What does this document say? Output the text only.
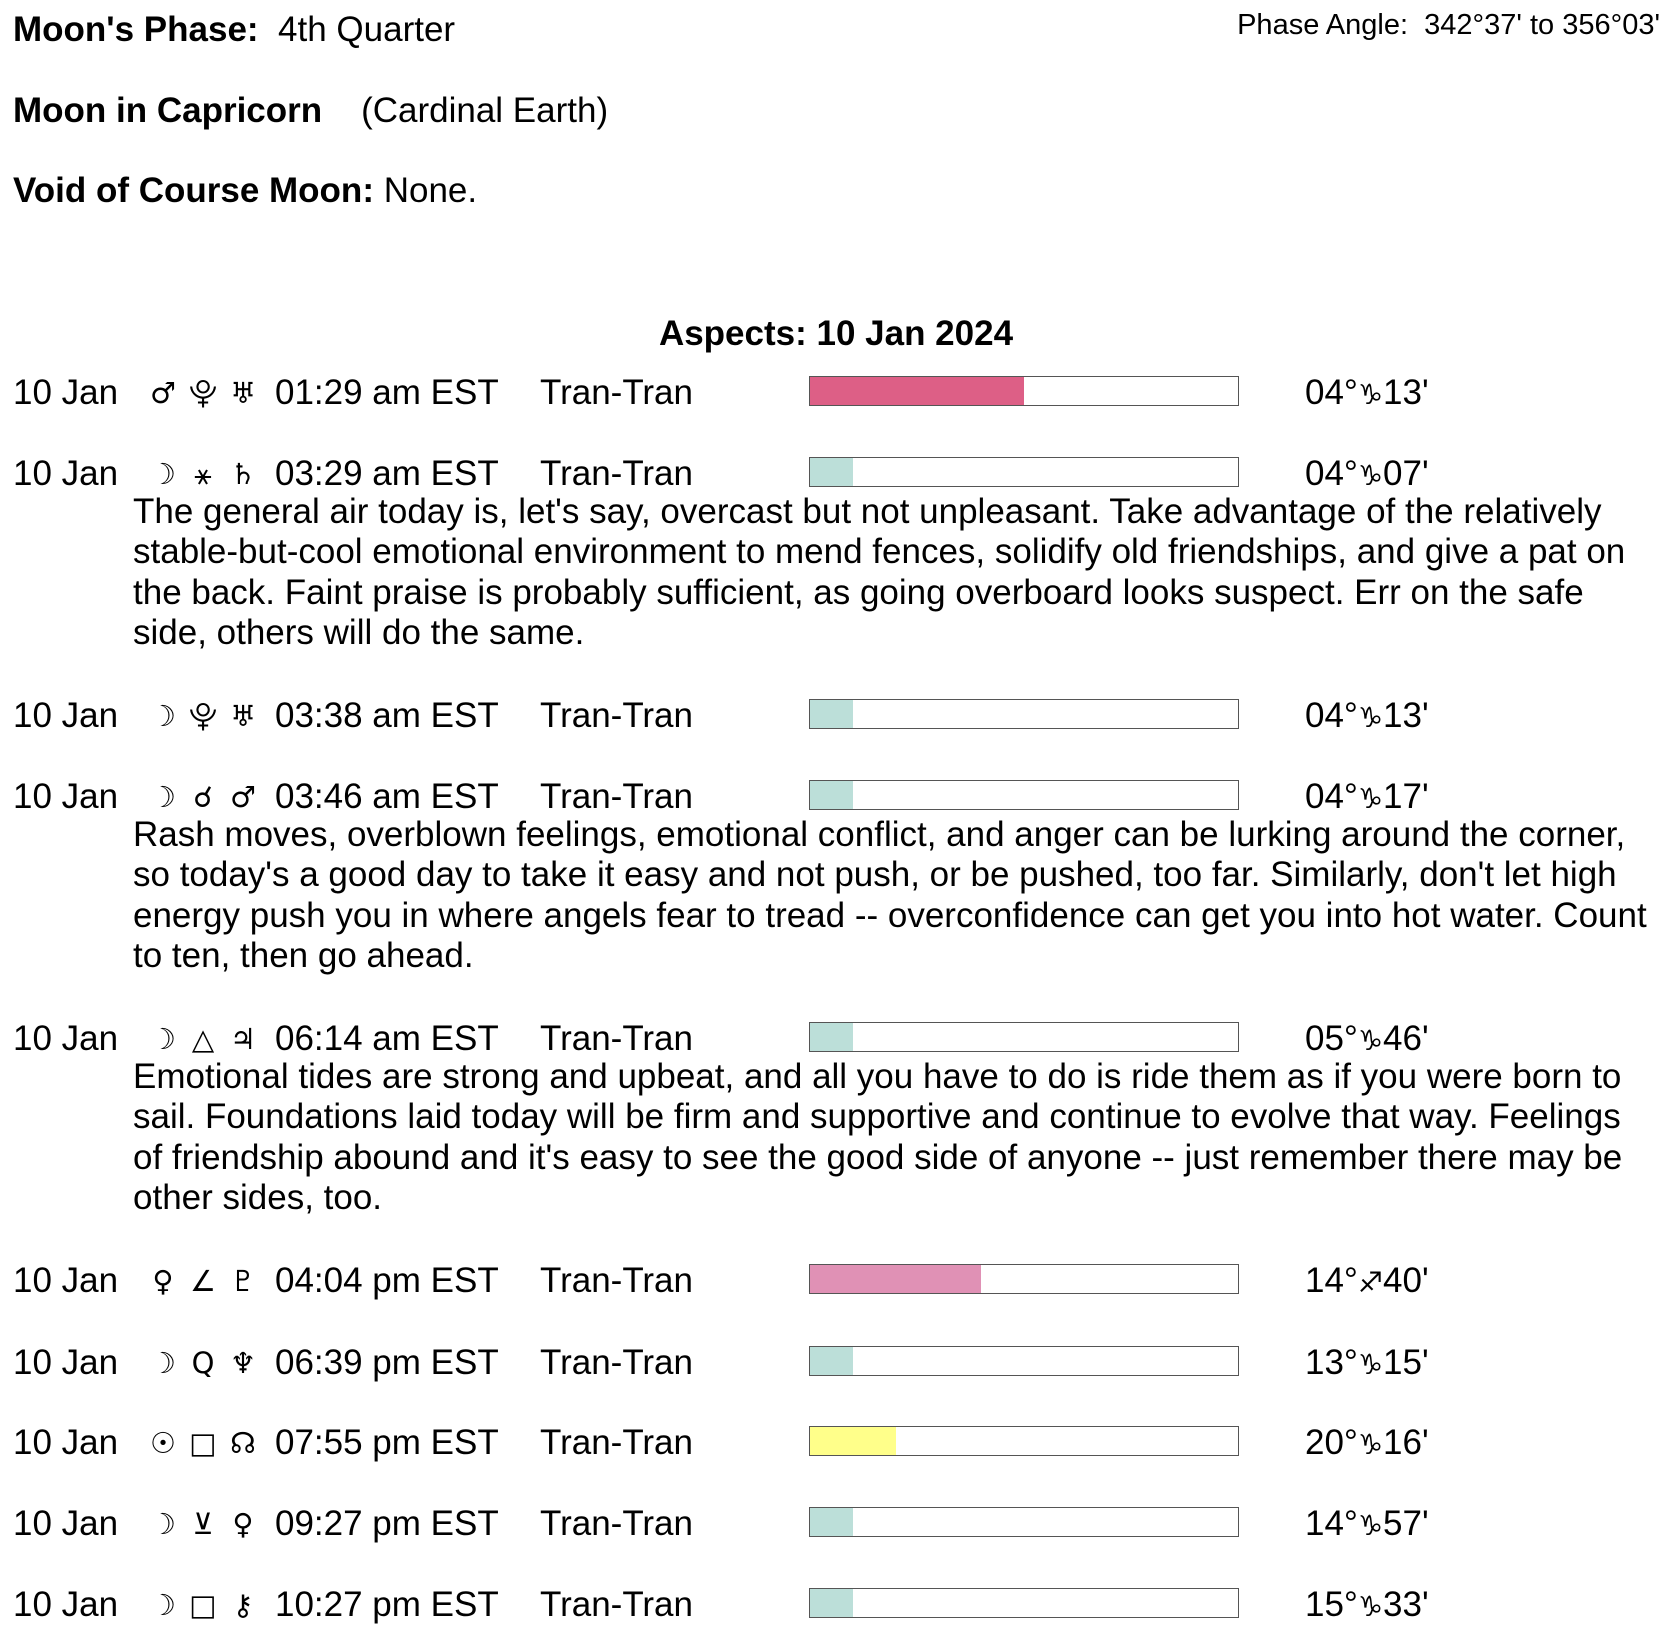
Moon's Phase: 4th Quarter	Phase Angle: 342°37' to 356°03'
Moon in Capricorn (Cardinal Earth)
Void of Course Moon: None.
Aspects: 10 Jan 2024
10 Jan ♂ ⯓ ♅ 01:29 am EST Tran-Tran	04°♑13'
10 Jan ☽ ⚹ ♄ 03:29 am EST Tran-Tran	04°♑07'
The general air today is, let's say, overcast but not unpleasant. Take advantage of the relatively stable-but-cool emotional environment to mend fences, solidify old friendships, and give a pat on the back. Faint praise is probably sufficient, as going overboard looks suspect. Err on the safe side, others will do the same.
10 Jan ☽ ⯓ ♅ 03:38 am EST Tran-Tran	04°♑13'
10 Jan ☽ ☌ ♂ 03:46 am EST Tran-Tran	04°♑17'
Rash moves, overblown feelings, emotional conflict, and anger can be lurking around the corner, so today's a good day to take it easy and not push, or be pushed, too far. Similarly, don't let high energy push you in where angels fear to tread -- overconfidence can get you into hot water. Count to ten, then go ahead.
10 Jan ☽ △ ♃ 06:14 am EST Tran-Tran	05°♑46'
Emotional tides are strong and upbeat, and all you have to do is ride them as if you were born to sail. Foundations laid today will be firm and supportive and continue to evolve that way. Feelings of friendship abound and it's easy to see the good side of anyone -- just remember there may be other sides, too.
10 Jan	♀ ∠ ♇ 04:04 pm EST Tran-Tran	14°♐40'
10 Jan ☽ Q ♆ 06:39 pm EST Tran-Tran	13°♑15'
10 Jan ☉ □ ☊ 07:55 pm EST Tran-Tran	20°♑16'
10 Jan ☽ ⊻ ♀ 09:27 pm EST Tran-Tran	14°♑57'
10 Jan ☽ □ ⚷ 10:27 pm EST Tran-Tran	15°♑33'
